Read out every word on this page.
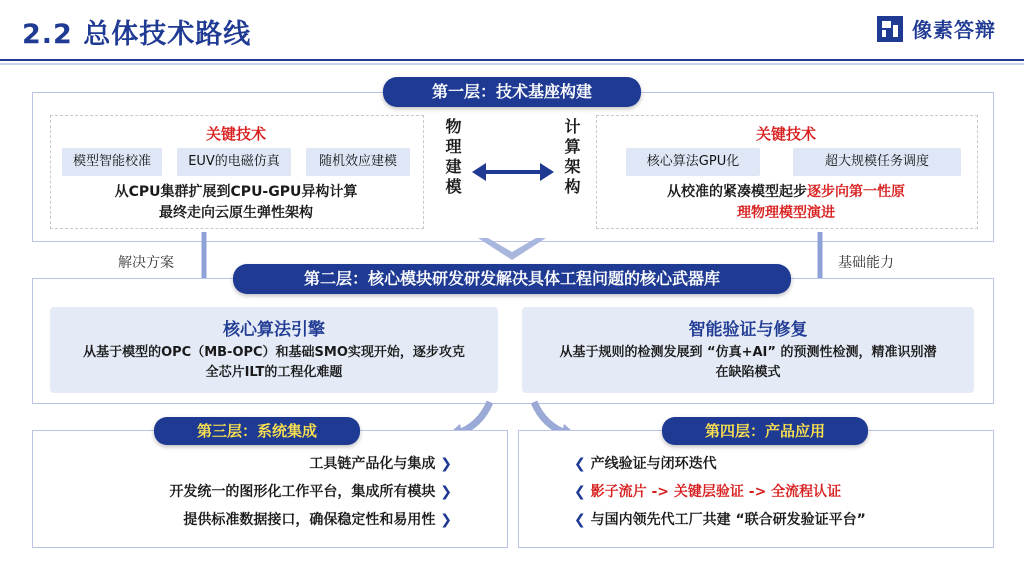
2.2 总体技术路线	像素答辩
第一层：技术基座构建
关键技术
模型智能校准	EUV的电磁仿真	随机效应建模
从CPU集群扩展到CPU-GPU异构计算
最终走向云原生弹性架构
物理建模	计算架构	关键技术
核心算法GPU化	超大规模任务调度
从校准的紧凑模型起步逐步向第一性原
理物理模型演进
解决方案	基础能力
第二层：核心模块研发研发解决具体工程问题的核心武器库
核心算法引擎
从基于模型的OPC（MB-OPC）和基础SMO实现开始，逐步攻克
全芯片ILT的工程化难题
智能验证与修复
从基于规则的检测发展到 “仿真+AI” 的预测性检测，精准识别潜
在缺陷模式
第三层：系统集成
工具链产品化与集成 ❯
开发统一的图形化工作平台，集成所有模块 ❯
提供标准数据接口，确保稳定性和易用性 ❯
第四层：产品应用
❮ 产线验证与闭环迭代
❮ 影子流片 -> 关键层验证 -> 全流程认证
❮ 与国内领先代工厂共建 “联合研发验证平台”
